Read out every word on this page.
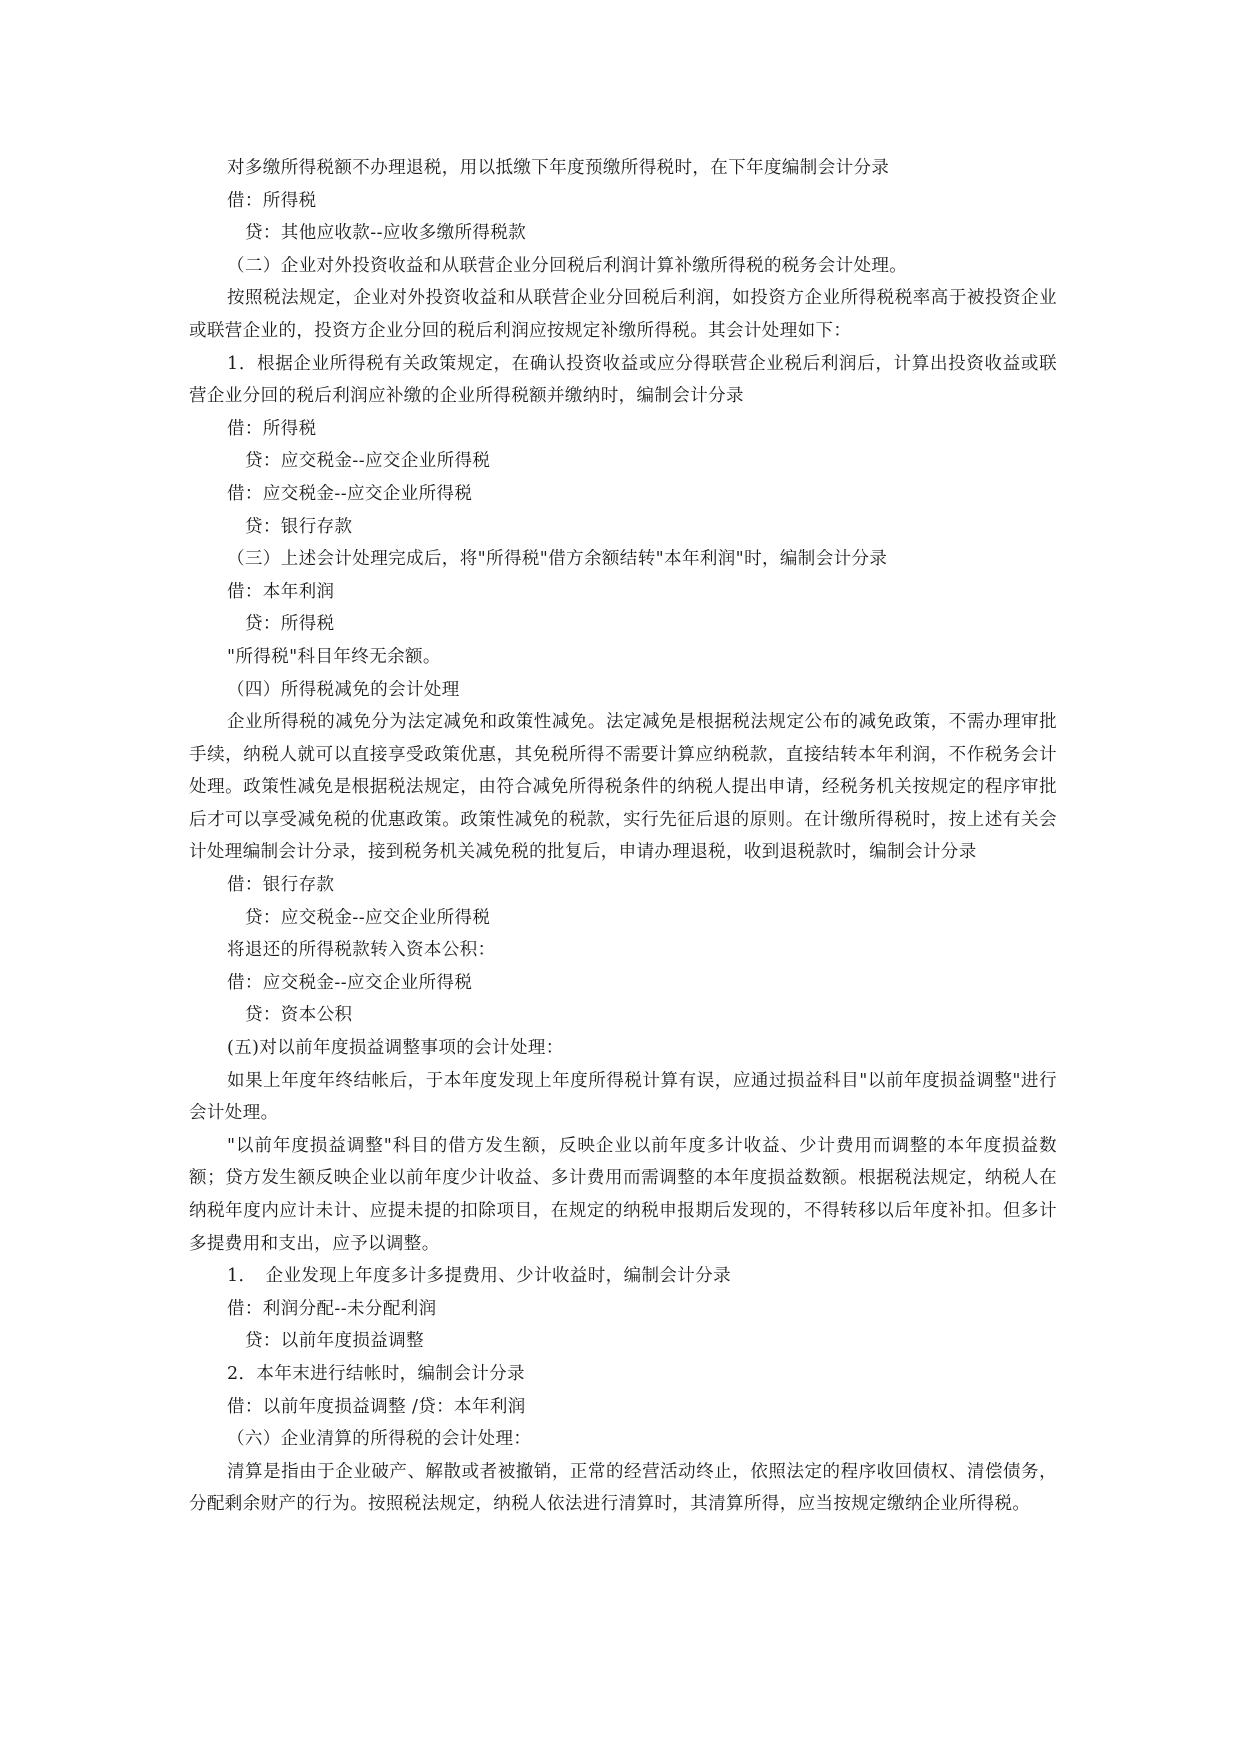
对多缴所得税额不办理退税，用以抵缴下年度预缴所得税时，在下年度编制会计分录

借：所得税

贷：其他应收款--应收多缴所得税款

（二）企业对外投资收益和从联营企业分回税后利润计算补缴所得税的税务会计处理。

按照税法规定，企业对外投资收益和从联营企业分回税后利润，如投资方企业所得税税率高于被投资企业或联营企业的，投资方企业分回的税后利润应按规定补缴所得税。其会计处理如下：

1．根据企业所得税有关政策规定，在确认投资收益或应分得联营企业税后利润后，计算出投资收益或联营企业分回的税后利润应补缴的企业所得税额并缴纳时，编制会计分录

借：所得税

贷：应交税金--应交企业所得税

借：应交税金--应交企业所得税

贷：银行存款

（三）上述会计处理完成后，将"所得税"借方余额结转"本年利润"时，编制会计分录

借：本年利润

贷：所得税

"所得税"科目年终无余额。

（四）所得税减免的会计处理

企业所得税的减免分为法定减免和政策性减免。法定减免是根据税法规定公布的减免政策，不需办理审批手续，纳税人就可以直接享受政策优惠，其免税所得不需要计算应纳税款，直接结转本年利润，不作税务会计处理。政策性减免是根据税法规定，由符合减免所得税条件的纳税人提出申请，经税务机关按规定的程序审批后才可以享受减免税的优惠政策。政策性减免的税款，实行先征后退的原则。在计缴所得税时，按上述有关会计处理编制会计分录，接到税务机关减免税的批复后，申请办理退税，收到退税款时，编制会计分录

借：银行存款

贷：应交税金--应交企业所得税

将退还的所得税款转入资本公积：

借：应交税金--应交企业所得税

贷：资本公积

(五)对以前年度损益调整事项的会计处理：

如果上年度年终结帐后，于本年度发现上年度所得税计算有误，应通过损益科目"以前年度损益调整"进行会计处理。

"以前年度损益调整"科目的借方发生额，反映企业以前年度多计收益、少计费用而调整的本年度损益数额；贷方发生额反映企业以前年度少计收益、多计费用而需调整的本年度损益数额。根据税法规定，纳税人在纳税年度内应计未计、应提未提的扣除项目，在规定的纳税申报期后发现的，不得转移以后年度补扣。但多计多提费用和支出，应予以调整。

1．　企业发现上年度多计多提费用、少计收益时，编制会计分录

借：利润分配--未分配利润

贷：以前年度损益调整

2．本年末进行结帐时，编制会计分录

借：以前年度损益调整 /贷：本年利润

（六）企业清算的所得税的会计处理：

清算是指由于企业破产、解散或者被撤销，正常的经营活动终止，依照法定的程序收回债权、清偿债务，分配剩余财产的行为。按照税法规定，纳税人依法进行清算时，其清算所得，应当按规定缴纳企业所得税。
